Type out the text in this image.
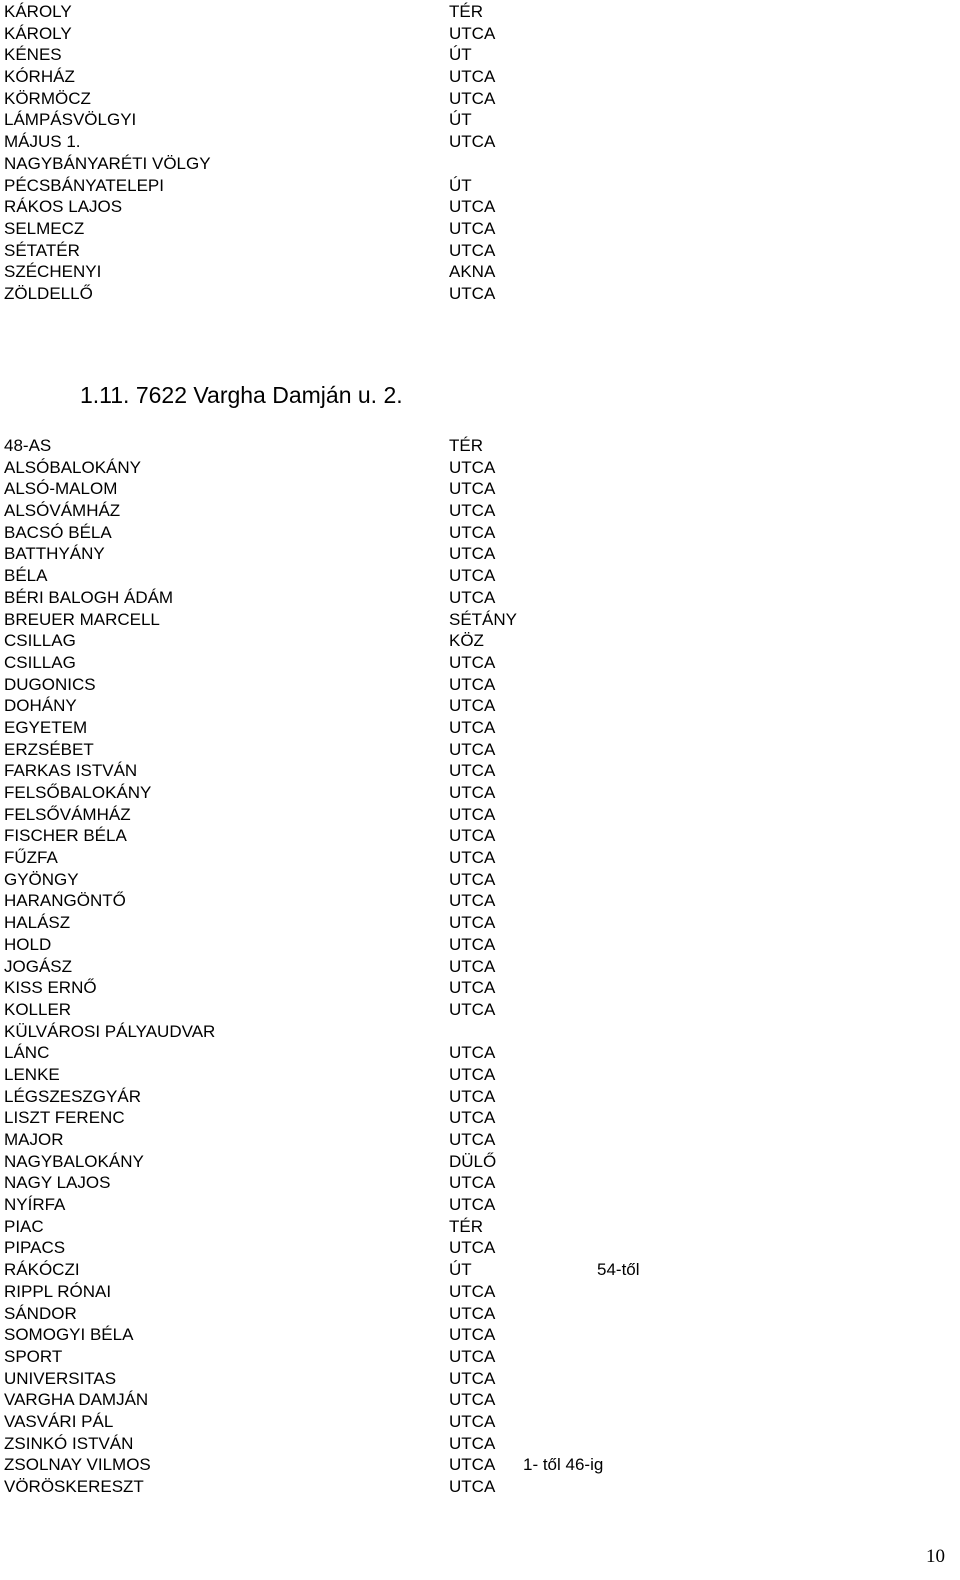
KÁROLY	TÉR
KÁROLY	UTCA
KÉNES	ÚT
KÓRHÁZ	UTCA
KÖRMÖCZ	UTCA
LÁMPÁSVÖLGYI	ÚT
MÁJUS 1.	UTCA
NAGYBÁNYARÉTI VÖLGY
PÉCSBÁNYATELEPI	ÚT
RÁKOS LAJOS	UTCA
SELMECZ	UTCA
SÉTATÉR	UTCA
SZÉCHENYI	AKNA
ZÖLDELLŐ	UTCA
1.11. 7622 Vargha Damján u. 2.
48-AS	TÉR
ALSÓBALOKÁNY	UTCA
ALSÓ-MALOM	UTCA
ALSÓVÁMHÁZ	UTCA
BACSÓ BÉLA	UTCA
BATTHYÁNY	UTCA
BÉLA	UTCA
BÉRI BALOGH ÁDÁM	UTCA
BREUER MARCELL	SÉTÁNY
CSILLAG	KÖZ
CSILLAG	UTCA
DUGONICS	UTCA
DOHÁNY	UTCA
EGYETEM	UTCA
ERZSÉBET	UTCA
FARKAS ISTVÁN	UTCA
FELSŐBALOKÁNY	UTCA
FELSŐVÁMHÁZ	UTCA
FISCHER BÉLA	UTCA
FŰZFA	UTCA
GYÖNGY	UTCA
HARANGÖNTŐ	UTCA
HALÁSZ	UTCA
HOLD	UTCA
JOGÁSZ	UTCA
KISS ERNŐ	UTCA
KOLLER	UTCA
KÜLVÁROSI PÁLYAUDVAR
LÁNC	UTCA
LENKE	UTCA
LÉGSZESZGYÁR	UTCA
LISZT FERENC	UTCA
MAJOR	UTCA
NAGYBALOKÁNY	DÜLŐ
NAGY LAJOS	UTCA
NYÍRFA	UTCA
PIAC	TÉR
PIPACS	UTCA
RÁKÓCZI	ÚT	54-től
RIPPL RÓNAI	UTCA
SÁNDOR	UTCA
SOMOGYI BÉLA	UTCA
SPORT	UTCA
UNIVERSITAS	UTCA
VARGHA DAMJÁN	UTCA
VASVÁRI PÁL	UTCA
ZSINKÓ ISTVÁN	UTCA
ZSOLNAY VILMOS	UTCA 1- től 46-ig
VÖRÖSKERESZT	UTCA
10
